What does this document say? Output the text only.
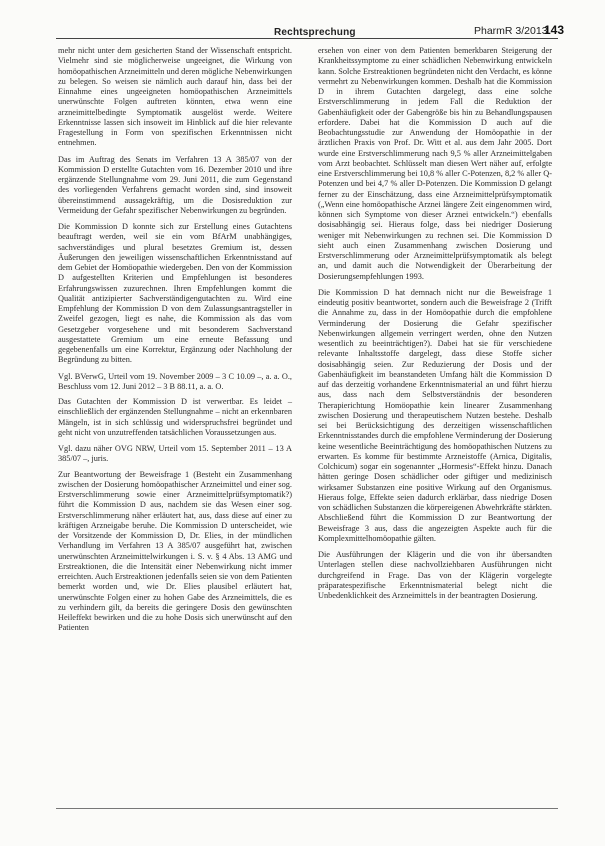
Rechtsprechung	PharmR 3/2013
143

mehr nicht unter dem gesicherten Stand der Wissenschaft entspricht. Vielmehr sind sie möglicherweise ungeeignet, die Wirkung von homöopathischen Arzneimitteln und deren mögliche Nebenwirkungen zu belegen. So weisen sie nämlich auch darauf hin, dass bei der Einnahme eines ungeeigneten homöopathischen Arzneimittels unerwünschte Folgen auftreten könnten, etwa wenn eine arzneimittelbedingte Symptomatik ausgelöst werde. Weitere Erkenntnisse lassen sich insoweit im Hinblick auf die hier relevante Fragestellung in Form von spezifischen Erkenntnissen nicht entnehmen.

Das im Auftrag des Senats im Verfahren 13 A 385/07 von der Kommission D erstellte Gutachten vom 16. Dezember 2010 und ihre ergänzende Stellungnahme vom 29. Juni 2011, die zum Gegenstand des vorliegenden Verfahrens gemacht worden sind, sind insoweit übereinstimmend aussagekräftig, um die Dosisreduktion zur Vermeidung der Gefahr spezifischer Nebenwirkungen zu begründen.

Die Kommission D konnte sich zur Erstellung eines Gutachtens beauftragt werden, weil sie ein vom BfArM unabhängiges, sachverständiges und plural besetztes Gremium ist, dessen Äußerungen den jeweiligen wissenschaftlichen Erkenntnisstand auf dem Gebiet der Homöopathie wiedergeben. Den von der Kommission D aufgestellten Kriterien und Empfehlungen ist besonderes Erfahrungswissen zuzurechnen. Ihren Empfehlungen kommt die Qualität antizipierter Sachverständigengutachten zu. Wird eine Empfehlung der Kommission D von dem Zulassungsantragsteller in Zweifel gezogen, liegt es nahe, die Kommission als das vom Gesetzgeber vorgesehene und mit besonderem Sachverstand ausgestattete Gremium um eine erneute Befassung und gegebenenfalls um eine Korrektur, Ergänzung oder Nachholung der Begründung zu bitten.

Vgl. BVerwG, Urteil vom 19. November 2009 – 3 C 10.09 –, a. a. O., Beschluss vom 12. Juni 2012 – 3 B 88.11, a. a. O.

Das Gutachten der Kommission D ist verwertbar. Es leidet – einschließlich der ergänzenden Stellungnahme – nicht an erkennbaren Mängeln, ist in sich schlüssig und widerspruchsfrei begründet und geht nicht von unzutreffenden tatsächlichen Voraussetzungen aus.

Vgl. dazu näher OVG NRW, Urteil vom 15. September 2011 – 13 A 385/07 –, juris.

Zur Beantwortung der Beweisfrage 1 (Besteht ein Zusammenhang zwischen der Dosierung homöopathischer Arzneimittel und einer sog. Erstverschlimmerung sowie einer Arzneimittelprüfsymptomatik?) führt die Kommission D aus, nachdem sie das Wesen einer sog. Erstverschlimmerung näher erläutert hat, aus, dass diese auf einer zu kräftigen Arzneigabe beruhe. Die Kommission D unterscheidet, wie der Vorsitzende der Kommission D, Dr. Elies, in der mündlichen Verhandlung im Verfahren 13 A 385/07 ausgeführt hat, zwischen unerwünschten Arzneimittelwirkungen i. S. v. § 4 Abs. 13 AMG und Erstreaktionen, die die Intensität einer Nebenwirkung nicht immer erreichten. Auch Erstreaktionen jedenfalls seien sie von dem Patienten bemerkt worden und, wie Dr. Elies plausibel erläutert hat, unerwünschte Folgen einer zu hohen Gabe des Arzneimittels, die es zu verhindern gilt, da bereits die geringere Dosis den gewünschten Heileffekt bewirken und die zu hohe Dosis sich unerwünscht auf den Patienten

ersehen von einer von dem Patienten bemerkbaren Steigerung der Krankheitssymptome zu einer schädlichen Nebenwirkung entwickeln kann. Solche Erstreaktionen begründeten nicht den Verdacht, es könne vermehrt zu Nebenwirkungen kommen. Deshalb hat die Kommission D in ihrem Gutachten dargelegt, dass eine solche Erstverschlimmerung in jedem Fall die Reduktion der Gabenhäufigkeit oder der Gabengröße bis hin zu Behandlungspausen erfordere. Dabei hat die Kommission D auch auf die Beobachtungsstudie zur Anwendung der Homöopathie in der ärztlichen Praxis von Prof. Dr. Witt et al. aus dem Jahr 2005. Dort wurde eine Erstverschlimmerung nach 9,5 % aller Arzneimittelgaben vom Arzt beobachtet. Schlüsselt man diesen Wert näher auf, erfolgte eine Erstverschlimmerung bei 10,8 % aller C-Potenzen, 8,2 % aller Q-Potenzen und bei 4,7 % aller D-Potenzen. Die Kommission D gelangt ferner zu der Einschätzung, dass eine Arzneimittelprüfsymptomatik („Wenn eine homöopathische Arznei längere Zeit eingenommen wird, können sich Symptome von dieser Arznei entwickeln.“) ebenfalls dosisabhängig sei. Hieraus folge, dass bei niedriger Dosierung weniger mit Nebenwirkungen zu rechnen sei. Die Kommission D sieht auch einen Zusammenhang zwischen Dosierung und Erstverschlimmerung oder Arzneimittelprüfsymptomatik als belegt an, und damit auch die Notwendigkeit der Überarbeitung der Dosierungsempfehlungen 1993.

Die Kommission D hat demnach nicht nur die Beweisfrage 1 eindeutig positiv beantwortet, sondern auch die Beweisfrage 2 (Trifft die Annahme zu, dass in der Homöopathie durch die empfohlene Verminderung der Dosierung die Gefahr spezifischer Nebenwirkungen allgemein verringert werden, ohne den Nutzen wesentlich zu beeinträchtigen?). Dabei hat sie für verschiedene relevante Inhaltsstoffe dargelegt, dass diese Stoffe sicher dosisabhängig seien. Zur Reduzierung der Dosis und der Gabenhäufigkeit im beanstandeten Umfang hält die Kommission D auf das derzeitig vorhandene Erkenntnismaterial an und führt hierzu aus, dass nach dem Selbstverständnis der besonderen Therapierichtung Homöopathie kein linearer Zusammenhang zwischen Dosierung und therapeutischem Nutzen bestehe. Deshalb sei bei Berücksichtigung des derzeitigen wissenschaftlichen Erkenntnisstandes durch die empfohlene Verminderung der Dosierung keine wesentliche Beeinträchtigung des homöopathischen Nutzens zu erwarten. Es komme für bestimmte Arzneistoffe (Arnica, Digitalis, Colchicum) sogar ein sogenannter „Hormesis“-Effekt hinzu. Danach hätten geringe Dosen schädlicher oder giftiger und medizinisch wirksamer Substanzen eine positive Wirkung auf den Organismus. Hieraus folge, Effekte seien dadurch erklärbar, dass niedrige Dosen von schädlichen Substanzen die körpereigenen Abwehrkräfte stärkten. Abschließend führt die Kommission D zur Beantwortung der Beweisfrage 3 aus, dass die angezeigten Aspekte auch für die Komplexmittelhomöopathie gälten.

Die Ausführungen der Klägerin und die von ihr übersandten Unterlagen stellen diese nachvollziehbaren Ausführungen nicht durchgreifend in Frage. Das von der Klägerin vorgelegte präparatespezifische Erkenntnismaterial belegt nicht die Unbedenklichkeit des Arzneimittels in der beantragten Dosierung.
